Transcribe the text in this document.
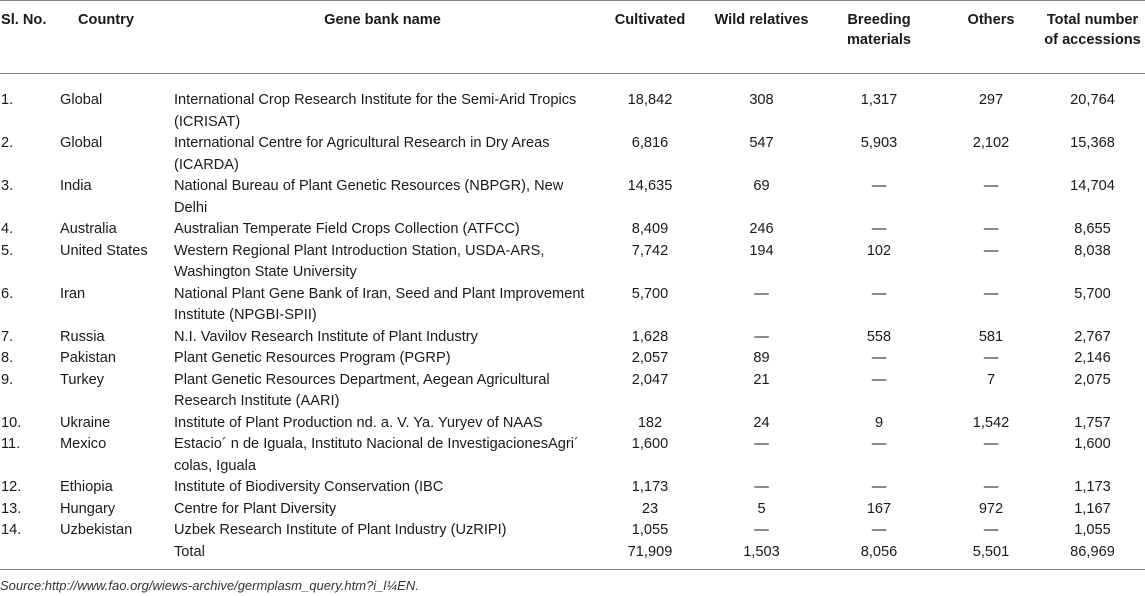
Sl. No.	Country	Gene bank name	Cultivated	Wild relatives	Breeding materials	Others	Total number of accessions
1.	Global	International Crop Research Institute for the Semi-Arid Tropics (ICRISAT)	18,842	308	1,317	297	20,764
2.	Global	International Centre for Agricultural Research in Dry Areas (ICARDA)	6,816	547	5,903	2,102	15,368
3.	India	National Bureau of Plant Genetic Resources (NBPGR), New Delhi	14,635	69	—	—	14,704
4.	Australia	Australian Temperate Field Crops Collection (ATFCC)	8,409	246	—	—	8,655
5.	United States	Western Regional Plant Introduction Station, USDA-ARS, Washington State University	7,742	194	102	—	8,038
6.	Iran	National Plant Gene Bank of Iran, Seed and Plant Improvement Institute (NPGBI-SPII)	5,700	—	—	—	5,700
7.	Russia	N.I. Vavilov Research Institute of Plant Industry	1,628	—	558	581	2,767
8.	Pakistan	Plant Genetic Resources Program (PGRP)	2,057	89	—	—	2,146
9.	Turkey	Plant Genetic Resources Department, Aegean Agricultural Research Institute (AARI)	2,047	21	—	7	2,075
10.	Ukraine	Institute of Plant Production nd. a. V. Ya. Yuryev of NAAS	182	24	9	1,542	1,757
11.	Mexico	Estacio´ n de Iguala, Instituto Nacional de InvestigacionesAgri´ colas, Iguala	1,600	—	—	—	1,600
12.	Ethiopia	Institute of Biodiversity Conservation (IBC	1,173	—	—	—	1,173
13.	Hungary	Centre for Plant Diversity	23	5	167	972	1,167
14.	Uzbekistan	Uzbek Research Institute of Plant Industry (UzRIPI)	1,055	—	—	—	1,055
		Total	71,909	1,503	8,056	5,501	86,969
Source:http://www.fao.org/wiews-archive/germplasm_query.htm?i_l¼EN.
